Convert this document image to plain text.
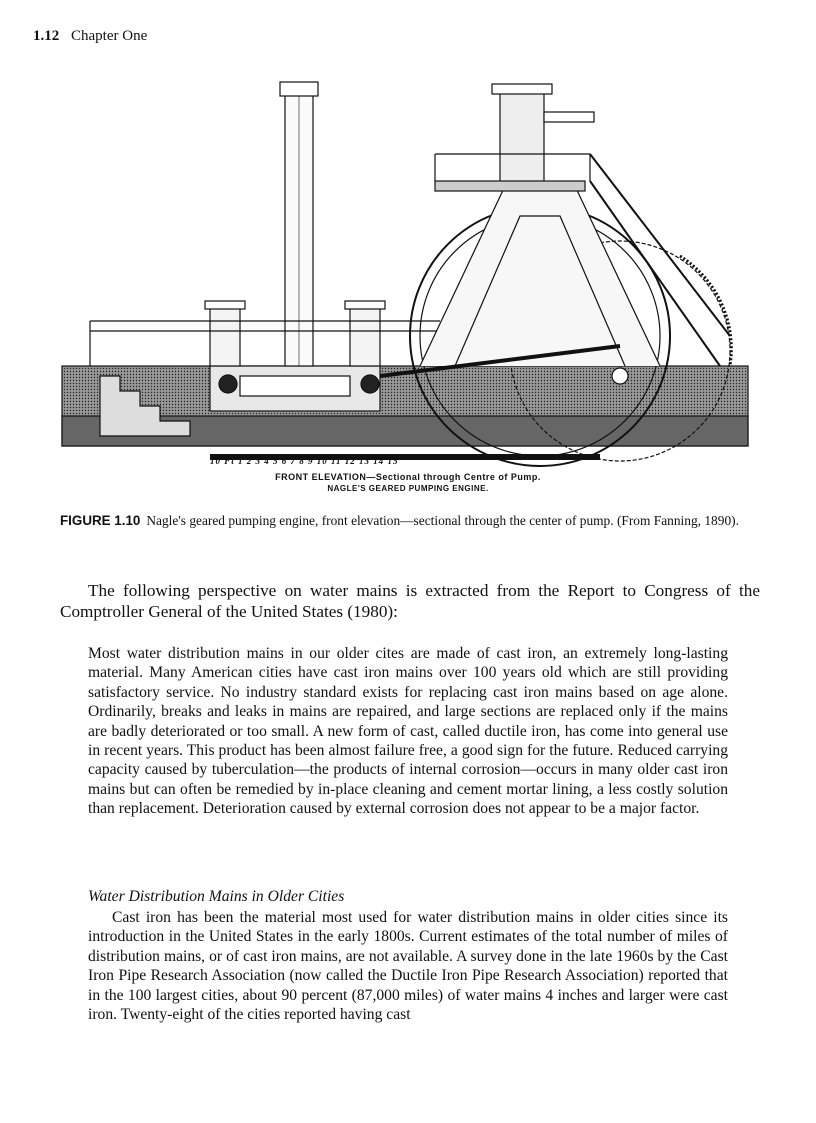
1.12 Chapter One
10 Ft 1 2 3 4 5 6 7 8 9 10 11 12 13 14 15
FRONT ELEVATION—Sectional through Centre of Pump.
NAGLE'S GEARED PUMPING ENGINE.
FIGURE 1.10 Nagle's geared pumping engine, front elevation—sectional through the center of pump. (From Fanning, 1890).

The following perspective on water mains is extracted from the Report to Congress of the Comptroller General of the United States (1980):

Most water distribution mains in our older cites are made of cast iron, an extremely long-lasting material. Many American cities have cast iron mains over 100 years old which are still providing satisfactory service. No industry standard exists for replacing cast iron mains based on age alone. Ordinarily, breaks and leaks in mains are repaired, and large sections are replaced only if the mains are badly deteriorated or too small. A new form of cast, called ductile iron, has come into general use in recent years. This product has been almost failure free, a good sign for the future. Reduced carrying capacity caused by tuberculation—the products of internal corrosion—occurs in many older cast iron mains but can often be remedied by in-place cleaning and cement mortar lining, a less costly solution than replacement. Deterioration caused by external corrosion does not appear to be a major factor.

Water Distribution Mains in Older Cities

Cast iron has been the material most used for water distribution mains in older cities since its introduction in the United States in the early 1800s. Current estimates of the total number of miles of distribution mains, or of cast iron mains, are not available. A survey done in the late 1960s by the Cast Iron Pipe Research Association (now called the Ductile Iron Pipe Research Association) reported that in the 100 largest cities, about 90 percent (87,000 miles) of water mains 4 inches and larger were cast iron. Twenty-eight of the cities reported having cast
